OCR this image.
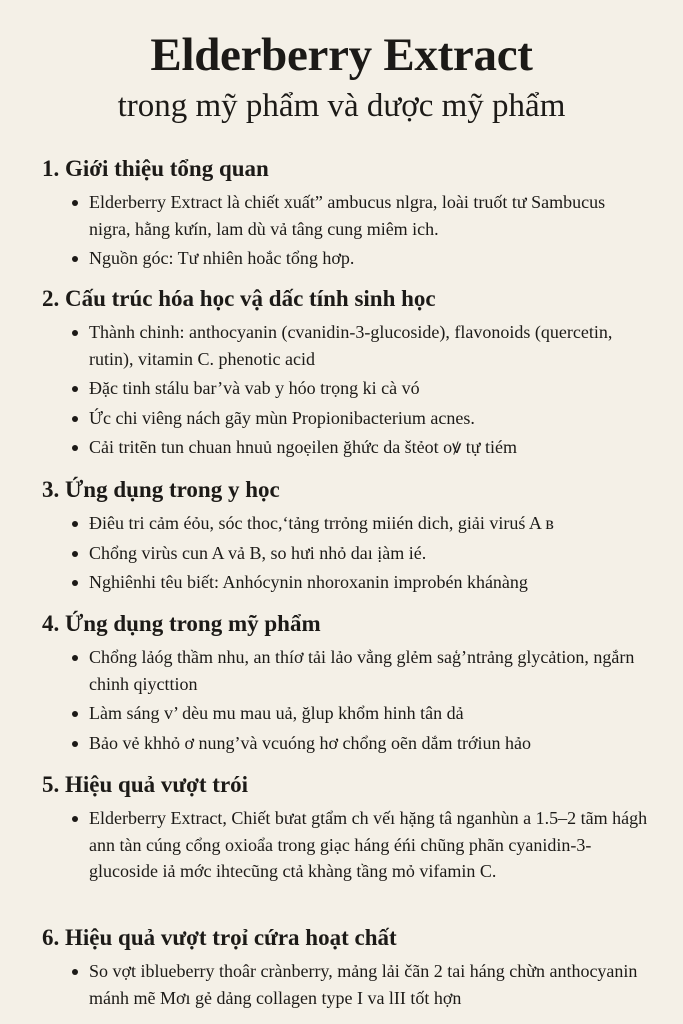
Elderberry Extract
trong mỹ phẩm và dược mỹ phẩm
1. Giới thiệu tổng quan
Elderberry Extract là chiết xuất” ambucus nlgra, loài truốt tư Sambucus nigra, hằng kưín, lam dù vả tâng cung miêm ich.
Nguồn góc: Tư nhiên hoắc tổng hơp.
2. Cấu trúc hóa học vậ dấc tính sinh học
Thành chinh: anthocyanin (cvanidin-3-glucoside), flavonoids (quercetin, rutin), vitamin C. phenotic acid
Đặc tinh stálu bar’và vab y hóo trọng ki cà vó
Ức chi viêng nách gãy mùn Propionibacterium acnes.
Cải tritẽn tun chuan hnuủ ngoẹilen ğhức da štẻot oꝟ tự tiém
3. Ứng dụng trong y học
Điêu tri cảm éỏu, sóc thoc,‘tảng trrỏng miién dich, giải viruś A в
Chổng virùs cun A vả B, so hưi nhỏ daı ịàm ié.
Nghiênhi têu biết: Anhócynin nhoroxanin improbén khánàng
4. Ứng dụng trong mỹ phẩm
Chổng lảóg thầm nhu, an thíơ tải lảo vẳng glẻm saģ’ntrảng glycảtion, ngắrn chinh qiycttion
Làm sáng v’ dèu mu mau uả, ğlup khổm hinh tân dả
Bảo vẻ khhỏ ơ nung’và vcuóng hơ chổng oẽn dắm trớiun hảo
5. Hiệu quả vượt trói
Elderberry Extract, Chiết bưat gtẩm ch vếı hặng tâ nganhùn a 1.5–2 tãm hágh ann tàn cúng cổng oxioẩa trong giạc háng éńi chũng phãn cyanidin-3-glucoside iả mớc ihtecũng ctả khàng tầng mỏ vifamin C.
6. Hiệu quả vượt trọỉ cứra hoạt chất
So vợt iblueberry thoâr crànberry, mảng lải čãn 2 tai háng chừn anthocyanin mánh mẽ Mơı gẻ dảng collagen type I va lII tốt hợn
